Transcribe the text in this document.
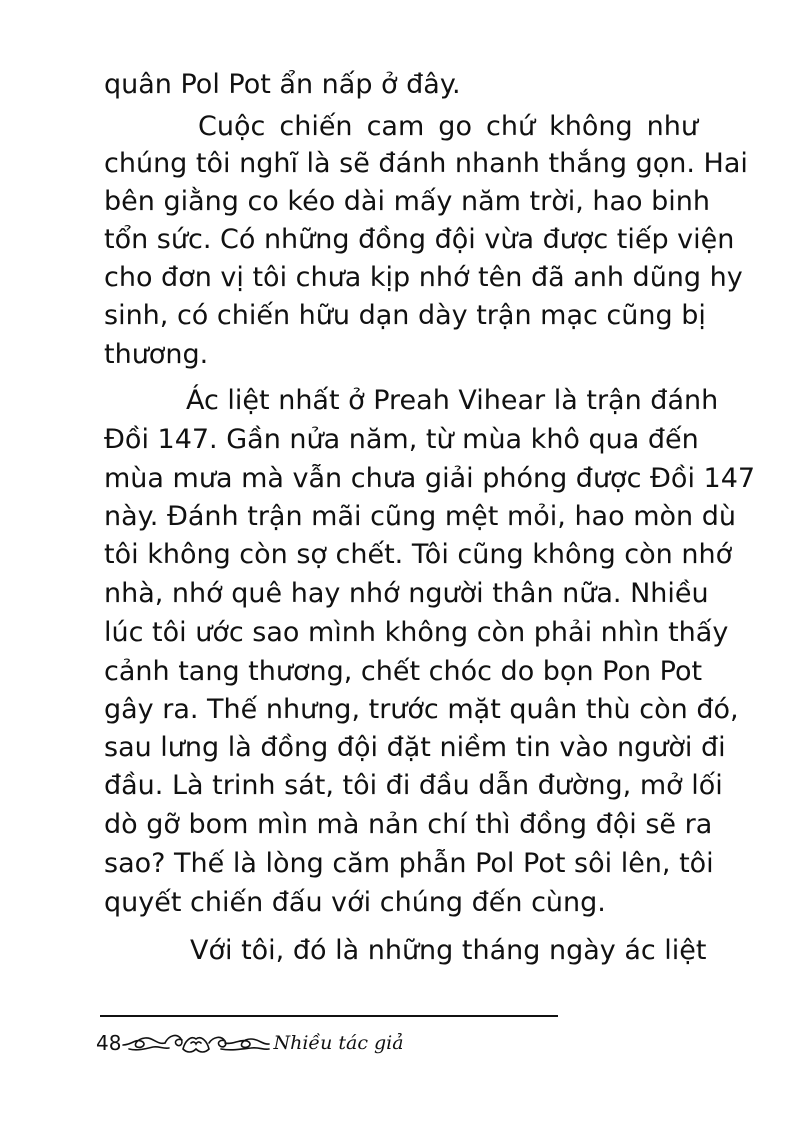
quân Pol Pot ẩn nấp ở đây.
Cuộc chiến cam go chứ không như
chúng tôi nghĩ là sẽ đánh nhanh thắng gọn. Hai
bên giằng co kéo dài mấy năm trời, hao binh
tổn sức. Có những đồng đội vừa được tiếp viện
cho đơn vị tôi chưa kịp nhớ tên đã anh dũng hy
sinh, có chiến hữu dạn dày trận mạc cũng bị
thương.
Ác liệt nhất ở Preah Vihear là trận đánh
Đồi 147. Gần nửa năm, từ mùa khô qua đến
mùa mưa mà vẫn chưa giải phóng được Đồi 147
này. Đánh trận mãi cũng mệt mỏi, hao mòn dù
tôi không còn sợ chết. Tôi cũng không còn nhớ
nhà, nhớ quê hay nhớ người thân nữa. Nhiều
lúc tôi ước sao mình không còn phải nhìn thấy
cảnh tang thương, chết chóc do bọn Pon Pot
gây ra. Thế nhưng, trước mặt quân thù còn đó,
sau lưng là đồng đội đặt niềm tin vào người đi
đầu. Là trinh sát, tôi đi đầu dẫn đường, mở lối
dò gỡ bom mìn mà nản chí thì đồng đội sẽ ra
sao? Thế là lòng căm phẫn Pol Pot sôi lên, tôi
quyết chiến đấu với chúng đến cùng.
Với tôi, đó là những tháng ngày ác liệt
48	Nhiều tác giả
